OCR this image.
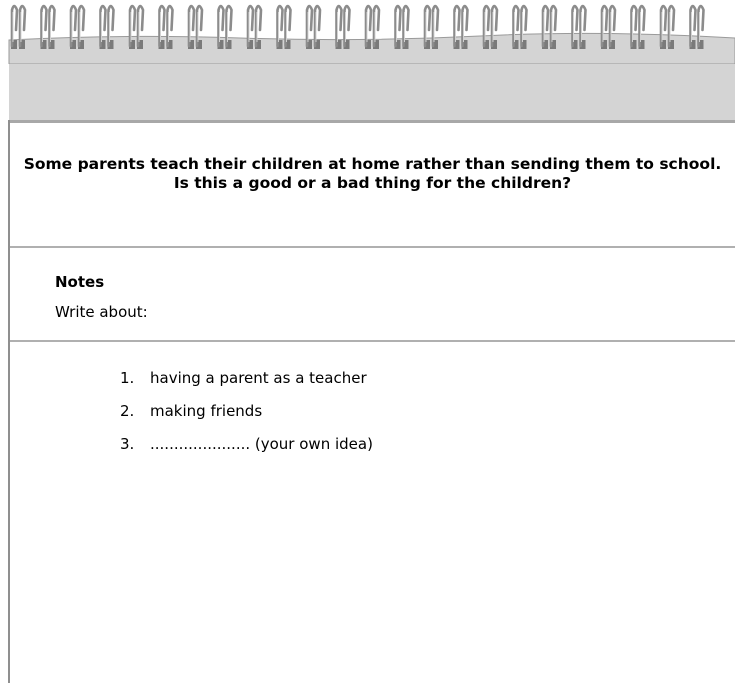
Some parents teach their children at home rather than sending them to school.
Is this a good or a bad thing for the children?
Notes
Write about:
1. having a parent as a teacher
2. making friends
3. ..................... (your own idea)
